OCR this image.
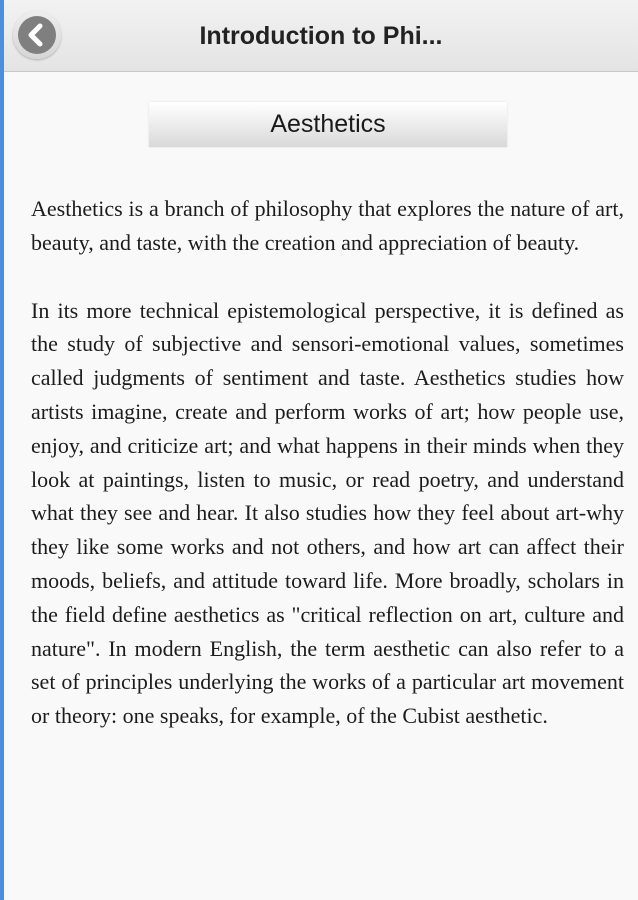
Introduction to Phi...
Aesthetics

Aesthetics is a branch of philosophy that explores the nature of art, beauty, and taste, with the creation and appreciation of beauty.

In its more technical epistemological perspective, it is defined as the study of subjective and sensori-emotional values, sometimes called judgments of sentiment and taste. Aesthetics studies how artists imagine, create and perform works of art; how people use, enjoy, and criticize art; and what happens in their minds when they look at paintings, listen to music, or read poetry, and understand what they see and hear. It also studies how they feel about art-why they like some works and not others, and how art can affect their moods, beliefs, and attitude toward life. More broadly, scholars in the field define aesthetics as "critical reflection on art, culture and nature". In modern English, the term aesthetic can also refer to a set of principles underlying the works of a particular art movement or theory: one speaks, for example, of the Cubist aesthetic.
